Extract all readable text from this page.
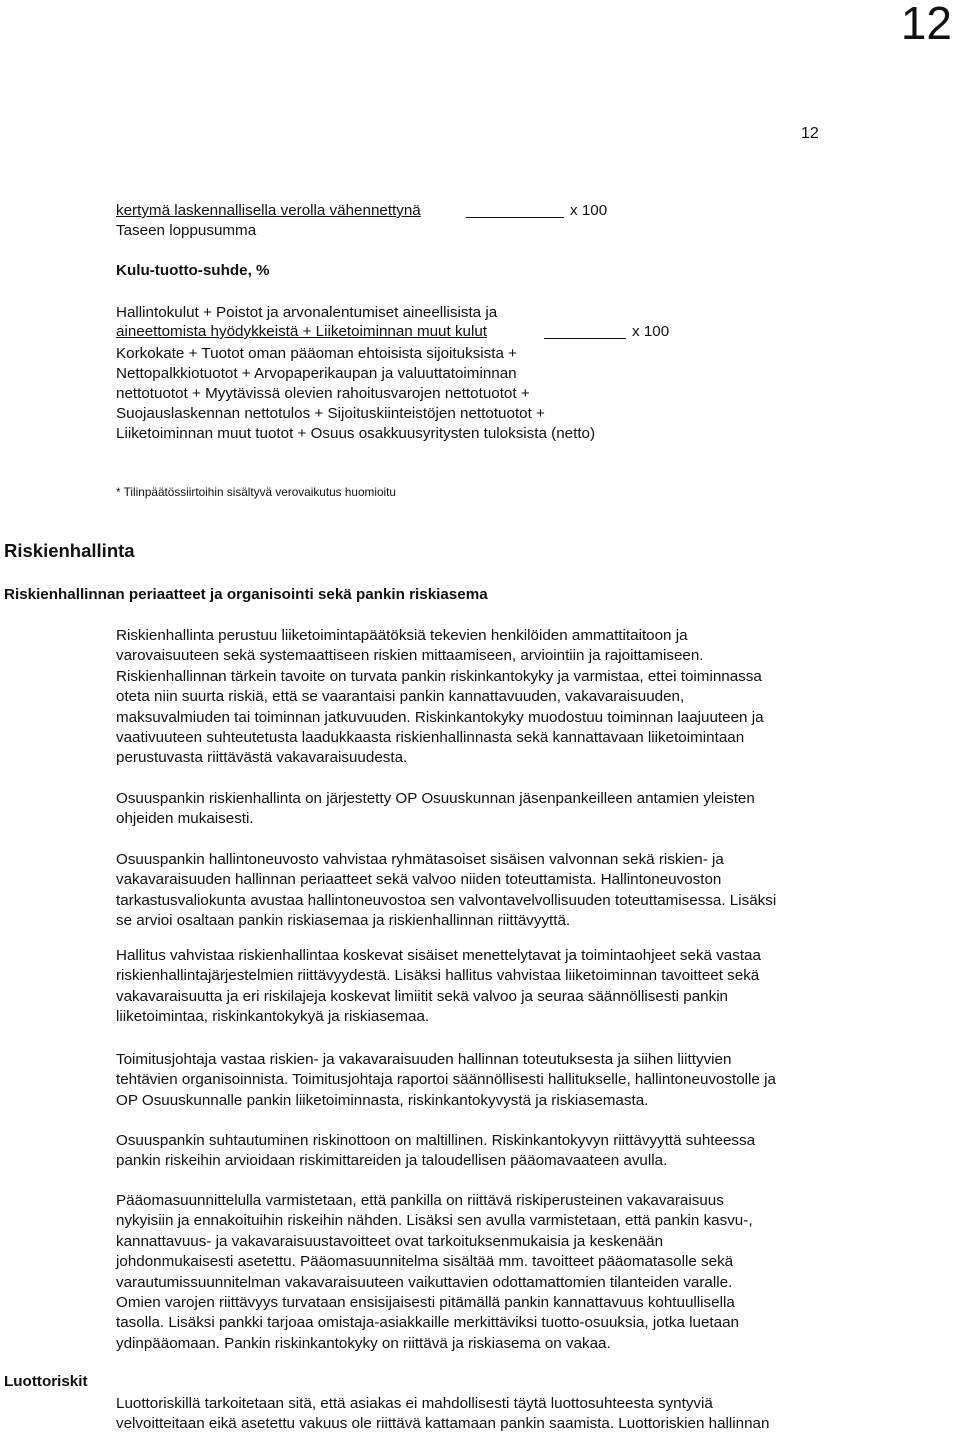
12
12
kertymä laskennallisella verolla vähennettynä	x 100
Taseen loppusumma
Kulu-tuotto-suhde, %
Hallintokulut + Poistot ja arvonalentumiset aineellisista ja
aineettomista hyödykkeistä + Liiketoiminnan muut kulut	x 100
Korkokate + Tuotot oman pääoman ehtoisista sijoituksista +
Nettopalkkiotuotot + Arvopaperikaupan ja valuuttatoiminnan
nettotuotot + Myytävissä olevien rahoitusvarojen nettotuotot +
Suojauslaskennan nettotulos + Sijoituskiinteistöjen nettotuotot +
Liiketoiminnan muut tuotot + Osuus osakkuusyritysten tuloksista (netto)
* Tilinpäätössiirtoihin sisältyvä verovaikutus huomioitu
Riskienhallinta
Riskienhallinnan periaatteet ja organisointi sekä pankin riskiasema
Riskienhallinta perustuu liiketoimintapäätöksiä tekevien henkilöiden ammattitaitoon ja
varovaisuuteen sekä systemaattiseen riskien mittaamiseen, arviointiin ja rajoittamiseen.
Riskienhallinnan tärkein tavoite on turvata pankin riskinkantokyky ja varmistaa, ettei toiminnassa
oteta niin suurta riskiä, että se vaarantaisi pankin kannattavuuden, vakavaraisuuden,
maksuvalmiuden tai toiminnan jatkuvuuden. Riskinkantokyky muodostuu toiminnan laajuuteen ja
vaativuuteen suhteutetusta laadukkaasta riskienhallinnasta sekä kannattavaan liiketoimintaan
perustuvasta riittävästä vakavaraisuudesta.
Osuuspankin riskienhallinta on järjestetty OP Osuuskunnan jäsenpankeilleen antamien yleisten
ohjeiden mukaisesti.
Osuuspankin hallintoneuvosto vahvistaa ryhmätasoiset sisäisen valvonnan sekä riskien- ja
vakavaraisuuden hallinnan periaatteet sekä valvoo niiden toteuttamista. Hallintoneuvoston
tarkastusvaliokunta avustaa hallintoneuvostoa sen valvontavelvollisuuden toteuttamisessa. Lisäksi
se arvioi osaltaan pankin riskiasemaa ja riskienhallinnan riittävyyttä.
Hallitus vahvistaa riskienhallintaa koskevat sisäiset menettelytavat ja toimintaohjeet sekä vastaa
riskienhallintajärjestelmien riittävyydestä. Lisäksi hallitus vahvistaa liiketoiminnan tavoitteet sekä
vakavaraisuutta ja eri riskilajeja koskevat limiitit sekä valvoo ja seuraa säännöllisesti pankin
liiketoimintaa, riskinkantokykyä ja riskiasemaa.
Toimitusjohtaja vastaa riskien- ja vakavaraisuuden hallinnan toteutuksesta ja siihen liittyvien
tehtävien organisoinnista. Toimitusjohtaja raportoi säännöllisesti hallitukselle, hallintoneuvostolle ja
OP Osuuskunnalle pankin liiketoiminnasta, riskinkantokyvystä ja riskiasemasta.
Osuuspankin suhtautuminen riskinottoon on maltillinen. Riskinkantokyvyn riittävyyttä suhteessa
pankin riskeihin arvioidaan riskimittareiden ja taloudellisen pääomavaateen avulla.
Pääomasuunnittelulla varmistetaan, että pankilla on riittävä riskiperusteinen vakavaraisuus
nykyisiin ja ennakoituihin riskeihin nähden. Lisäksi sen avulla varmistetaan, että pankin kasvu-,
kannattavuus- ja vakavaraisuustavoitteet ovat tarkoituksenmukaisia ja keskenään
johdonmukaisesti asetettu. Pääomasuunnitelma sisältää mm. tavoitteet pääomatasolle sekä
varautumissuunnitelman vakavaraisuuteen vaikuttavien odottamattomien tilanteiden varalle.
Omien varojen riittävyys turvataan ensisijaisesti pitämällä pankin kannattavuus kohtuullisella
tasolla. Lisäksi pankki tarjoaa omistaja-asiakkaille merkittäviksi tuotto-osuuksia, jotka luetaan
ydinpääomaan. Pankin riskinkantokyky on riittävä ja riskiasema on vakaa.
Luottoriskit
Luottoriskillä tarkoitetaan sitä, että asiakas ei mahdollisesti täytä luottosuhteesta syntyviä
velvoitteitaan eikä asetettu vakuus ole riittävä kattamaan pankin saamista. Luottoriskien hallinnan
